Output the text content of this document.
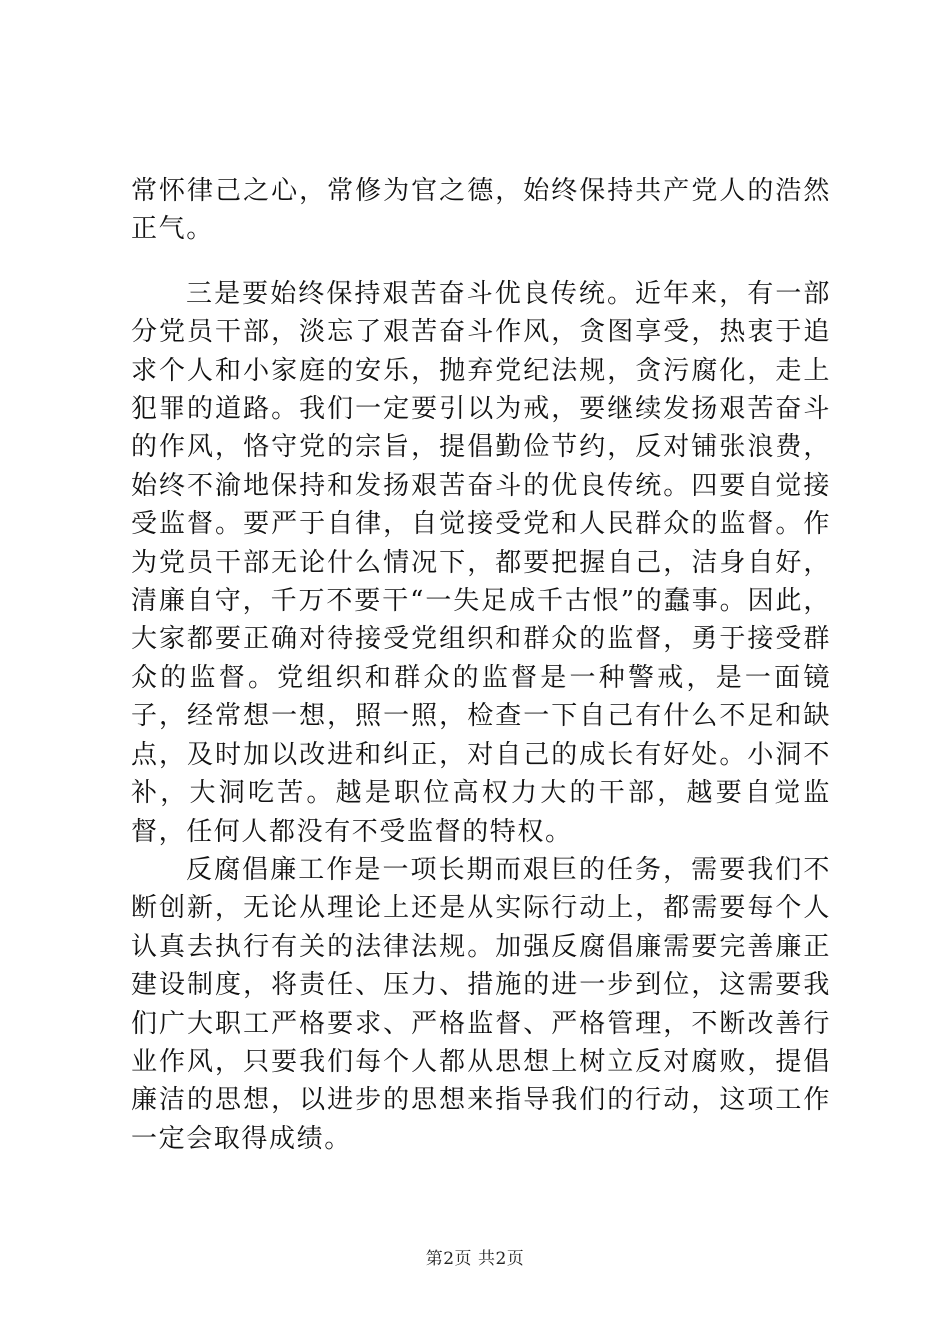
常怀律己之心，常修为官之德，始终保持共产党人的浩然正气。

三是要始终保持艰苦奋斗优良传统。近年来，有一部分党员干部，淡忘了艰苦奋斗作风，贪图享受，热衷于追求个人和小家庭的安乐，抛弃党纪法规，贪污腐化，走上犯罪的道路。我们一定要引以为戒，要继续发扬艰苦奋斗的作风，恪守党的宗旨，提倡勤俭节约，反对铺张浪费，始终不渝地保持和发扬艰苦奋斗的优良传统。四要自觉接受监督。要严于自律，自觉接受党和人民群众的监督。作为党员干部无论什么情况下，都要把握自己，洁身自好，清廉自守，千万不要干“一失足成千古恨”的蠢事。因此，大家都要正确对待接受党组织和群众的监督，勇于接受群众的监督。党组织和群众的监督是一种警戒，是一面镜子，经常想一想，照一照，检查一下自己有什么不足和缺点，及时加以改进和纠正，对自己的成长有好处。小洞不补，大洞吃苦。越是职位高权力大的干部，越要自觉监督，任何人都没有不受监督的特权。

反腐倡廉工作是一项长期而艰巨的任务，需要我们不断创新，无论从理论上还是从实际行动上，都需要每个人认真去执行有关的法律法规。加强反腐倡廉需要完善廉正建设制度，将责任、压力、措施的进一步到位，这需要我们广大职工严格要求、严格监督、严格管理，不断改善行业作风，只要我们每个人都从思想上树立反对腐败，提倡廉洁的思想，以进步的思想来指导我们的行动，这项工作一定会取得成绩。

第2页 共2页
